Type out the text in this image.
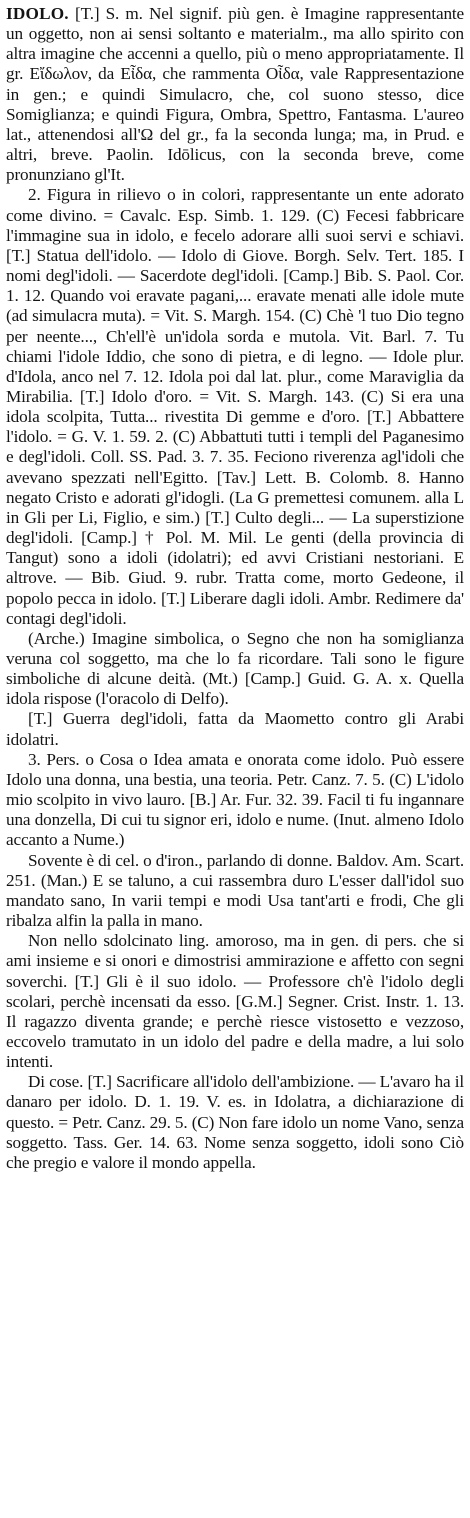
IDOLO. [T.] S. m. Nel signif. più gen. è Imagine rappresentante un oggetto, non ai sensi soltanto e materialm., ma allo spirito con altra imagine che accenni a quello, più o meno appropriatamente. Il gr. Εἴδωλον, da Εἶδα, che rammenta Οἶδα, vale Rappresentazione in gen.; e quindi Simulacro, che, col suono stesso, dice Somiglianza; e quindi Figura, Ombra, Spettro, Fantasma. L'aureo lat., attenendosi all'Ω del gr., fa la seconda lunga; ma, in Prud. e altri, breve. Paolin. Idōlicus, con la seconda breve, come pronunziano gl'It.

2. Figura in rilievo o in colori, rappresentante un ente adorato come divino. = Cavalc. Esp. Simb. 1. 129. (C) Fecesi fabbricare l'immagine sua in idolo, e fecelo adorare alli suoi servi e schiavi. [T.] Statua dell'idolo. — Idolo di Giove. Borgh. Selv. Tert. 185. I nomi degl'idoli. — Sacerdote degl'idoli. [Camp.] Bib. S. Paol. Cor. 1. 12. Quando voi eravate pagani,... eravate menati alle idole mute (ad simulacra muta). = Vit. S. Margh. 154. (C) Chè 'l tuo Dio tegno per neente..., Ch'ell'è un'idola sorda e mutola. Vit. Barl. 7. Tu chiami l'idole Iddio, che sono di pietra, e di legno. — Idole plur. d'Idola, anco nel 7. 12. Idola poi dal lat. plur., come Maraviglia da Mirabilia. [T.] Idolo d'oro. = Vit. S. Margh. 143. (C) Si era una idola scolpita, Tutta... rivestita Di gemme e d'oro. [T.] Abbattere l'idolo. = G. V. 1. 59. 2. (C) Abbattuti tutti i templi del Paganesimo e degl'idoli. Coll. SS. Pad. 3. 7. 35. Feciono riverenza agl'idoli che avevano spezzati nell'Egitto. [Tav.] Lett. B. Colomb. 8. Hanno negato Cristo e adorati gl'idogli. (La G premettesi comunem. alla L in Gli per Li, Figlio, e sim.) [T.] Culto degli... — La superstizione degl'idoli. [Camp.] † Pol. M. Mil. Le genti (della provincia di Tangut) sono a idoli (idolatri); ed avvi Cristiani nestoriani. E altrove. — Bib. Giud. 9. rubr. Tratta come, morto Gedeone, il popolo pecca in idolo. [T.] Liberare dagli idoli. Ambr. Redimere da' contagi degl'idoli.

(Arche.) Imagine simbolica, o Segno che non ha somiglianza veruna col soggetto, ma che lo fa ricordare. Tali sono le figure simboliche di alcune deità. (Mt.) [Camp.] Guid. G. A. x. Quella idola rispose (l'oracolo di Delfo).

[T.] Guerra degl'idoli, fatta da Maometto contro gli Arabi idolatri.

3. Pers. o Cosa o Idea amata e onorata come idolo. Può essere Idolo una donna, una bestia, una teoria. Petr. Canz. 7. 5. (C) L'idolo mio scolpito in vivo lauro. [B.] Ar. Fur. 32. 39. Facil ti fu ingannare una donzella, Di cui tu signor eri, idolo e nume. (Inut. almeno Idolo accanto a Nume.)

Sovente è di cel. o d'iron., parlando di donne. Baldov. Am. Scart. 251. (Man.) E se taluno, a cui rassembra duro L'esser dall'idol suo mandato sano, In varii tempi e modi Usa tant'arti e frodi, Che gli ribalza alfin la palla in mano.

Non nello sdolcinato ling. amoroso, ma in gen. di pers. che si ami insieme e si onori e dimostrisi ammirazione e affetto con segni soverchi. [T.] Gli è il suo idolo. — Professore ch'è l'idolo degli scolari, perchè incensati da esso. [G.M.] Segner. Crist. Instr. 1. 13. Il ragazzo diventa grande; e perchè riesce vistosetto e vezzoso, eccovelo tramutato in un idolo del padre e della madre, a lui solo intenti.

Di cose. [T.] Sacrificare all'idolo dell'ambizione. — L'avaro ha il danaro per idolo. D. 1. 19. V. es. in Idolatra, a dichiarazione di questo. = Petr. Canz. 29. 5. (C) Non fare idolo un nome Vano, senza soggetto. Tass. Ger. 14. 63. Nome senza soggetto, idoli sono Ciò che pregio e valore il mondo appella.
